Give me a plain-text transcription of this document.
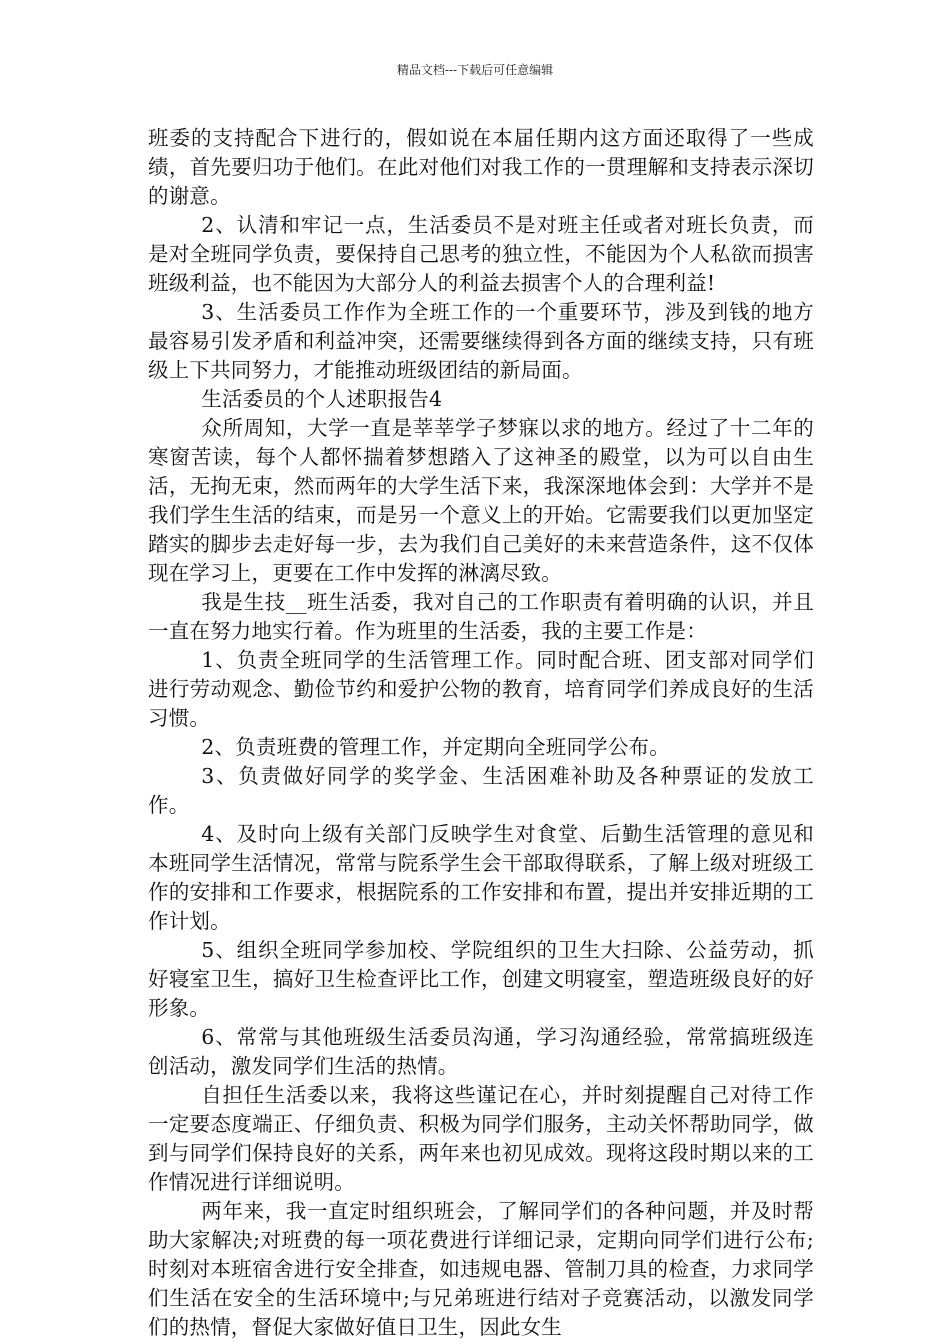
精品文档---下载后可任意编辑

班委的支持配合下进行的，假如说在本届任期内这方面还取得了一些成绩，首先要归功于他们。在此对他们对我工作的一贯理解和支持表示深切的谢意。

2、认清和牢记一点，生活委员不是对班主任或者对班长负责，而是对全班同学负责，要保持自己思考的独立性，不能因为个人私欲而损害班级利益，也不能因为大部分人的利益去损害个人的合理利益!

3、生活委员工作作为全班工作的一个重要环节，涉及到钱的地方最容易引发矛盾和利益冲突，还需要继续得到各方面的继续支持，只有班级上下共同努力，才能推动班级团结的新局面。

生活委员的个人述职报告4

众所周知，大学一直是莘莘学子梦寐以求的地方。经过了十二年的寒窗苦读，每个人都怀揣着梦想踏入了这神圣的殿堂，以为可以自由生活，无拘无束，然而两年的大学生活下来，我深深地体会到：大学并不是我们学生生活的结束，而是另一个意义上的开始。它需要我们以更加坚定踏实的脚步去走好每一步，去为我们自己美好的未来营造条件，这不仅体现在学习上，更要在工作中发挥的淋漓尽致。

我是生技__班生活委，我对自己的工作职责有着明确的认识，并且一直在努力地实行着。作为班里的生活委，我的主要工作是：

1、负责全班同学的生活管理工作。同时配合班、团支部对同学们进行劳动观念、勤俭节约和爱护公物的教育，培育同学们养成良好的生活习惯。

2、负责班费的管理工作，并定期向全班同学公布。

3、负责做好同学的奖学金、生活困难补助及各种票证的发放工作。

4、及时向上级有关部门反映学生对食堂、后勤生活管理的意见和本班同学生活情况，常常与院系学生会干部取得联系，了解上级对班级工作的安排和工作要求，根据院系的工作安排和布置，提出并安排近期的工作计划。

5、组织全班同学参加校、学院组织的卫生大扫除、公益劳动，抓好寝室卫生，搞好卫生检查评比工作，创建文明寝室，塑造班级良好的好形象。

6、常常与其他班级生活委员沟通，学习沟通经验，常常搞班级连创活动，激发同学们生活的热情。

自担任生活委以来，我将这些谨记在心，并时刻提醒自己对待工作一定要态度端正、仔细负责、积极为同学们服务，主动关怀帮助同学，做到与同学们保持良好的关系，两年来也初见成效。现将这段时期以来的工作情况进行详细说明。

两年来，我一直定时组织班会，了解同学们的各种问题，并及时帮助大家解决;对班费的每一项花费进行详细记录，定期向同学们进行公布;时刻对本班宿舍进行安全排查，如违规电器、管制刀具的检查，力求同学们生活在安全的生活环境中;与兄弟班进行结对子竞赛活动，以激发同学们的热情，督促大家做好值日卫生，因此女生
